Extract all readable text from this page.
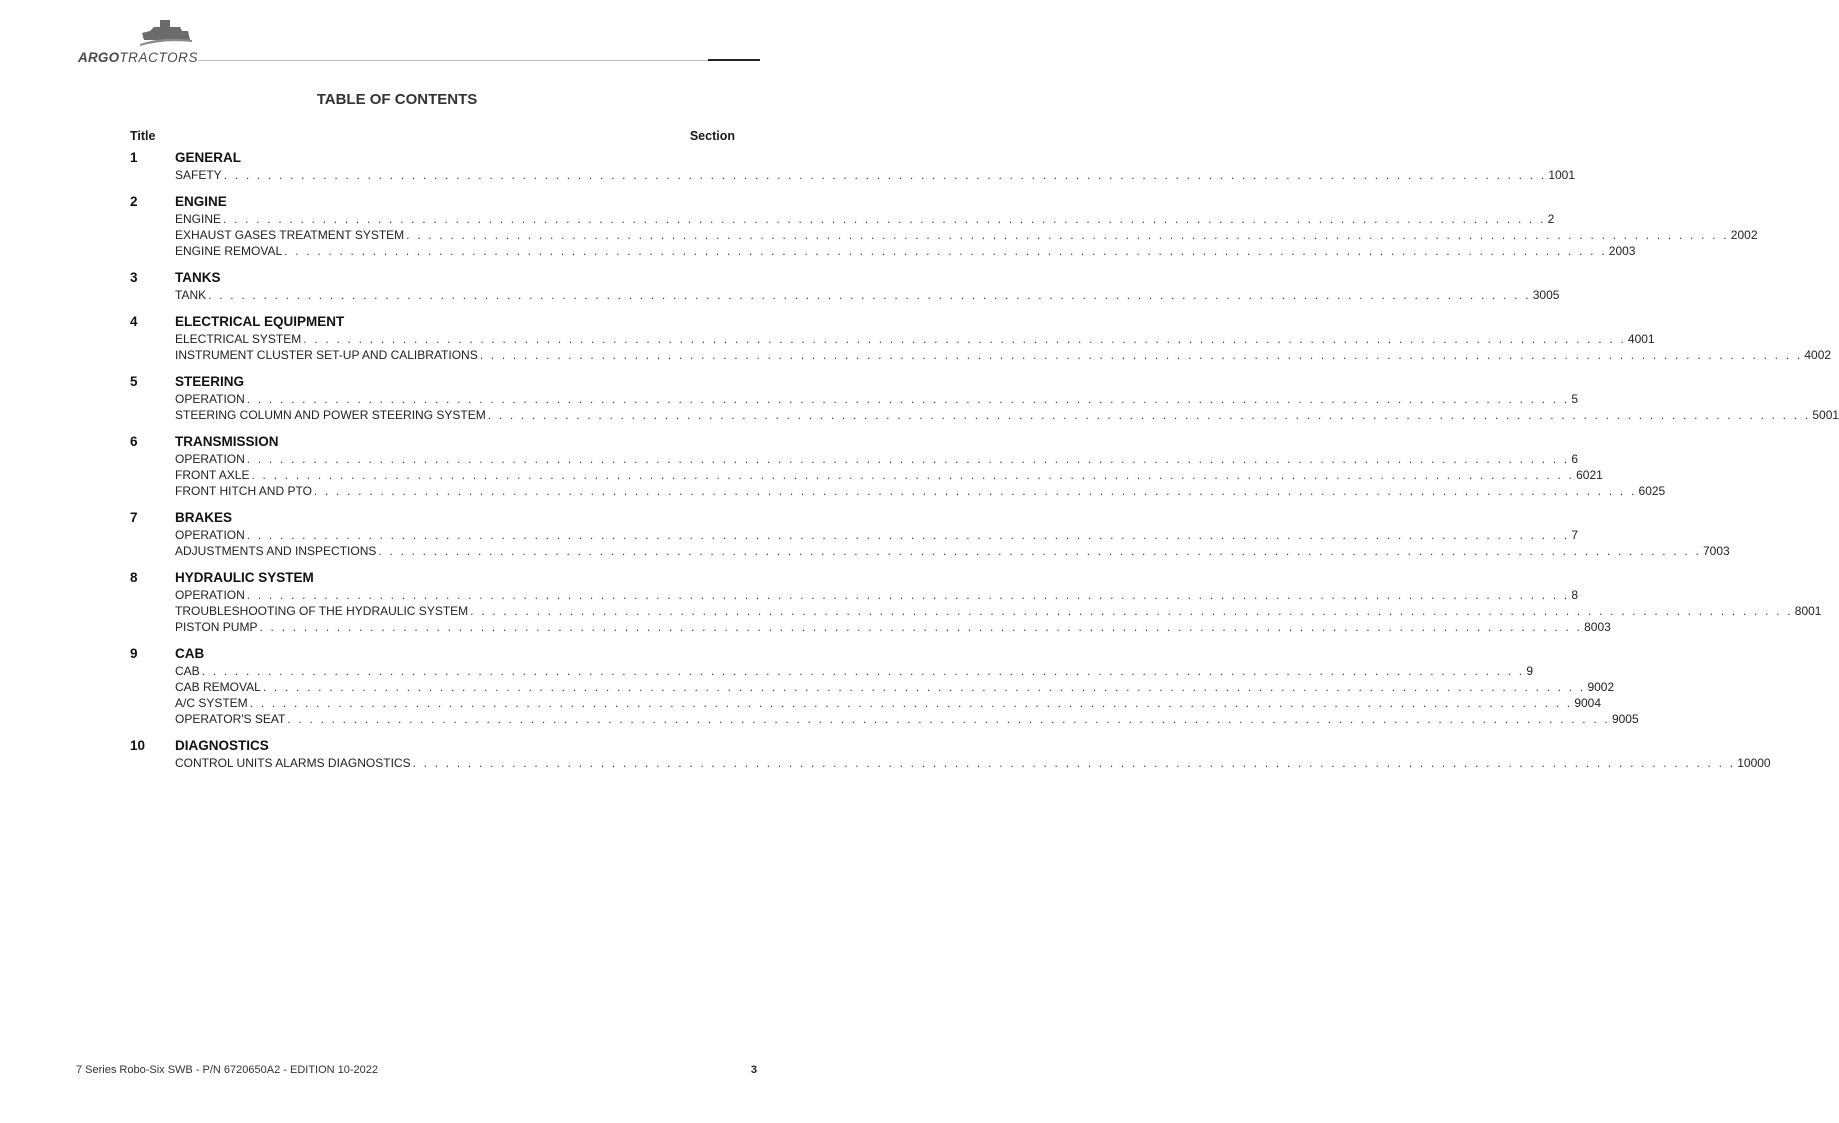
ARGOTRACTORS
TABLE OF CONTENTS
Title	Section
1	GENERAL
SAFETY . . . . . . . . . . . . . . . . . . . . . . . . . . . . . . . . . . . . . . . . . . . . . . . . . . . . . . . . . . . . . . . . . . . . . . . . . . . . . . . . . . . . . . . . . . . . . . . . . . . . . . . . . . . . . . . . . . . . . . . . 1001
2	ENGINE
ENGINE . . . . . . . . . . . . . . . . . . . . . . . . . . . . . . . . . . . . . . . . . . . . . . . . . . . . . . . . . . . . . . . . . . . . . . . . . . . . . . . . . . . . . . . . . . . . . . . . . . . . . . . . . . . . . . . . . . . . . . . . 2
EXHAUST GASES TREATMENT SYSTEM . . . . . . . . . . . . . . . . . . . . . . . . . . . . . . . . . . . . . . . . . . . . . . . . . . . . . . . . . . . . . . . . . . . . . . . . . . . . . . . . . . . . . . . . . . . . . . . . . . . . . . . . . . . . . . . . . . . . . . . . 2002
ENGINE REMOVAL . . . . . . . . . . . . . . . . . . . . . . . . . . . . . . . . . . . . . . . . . . . . . . . . . . . . . . . . . . . . . . . . . . . . . . . . . . . . . . . . . . . . . . . . . . . . . . . . . . . . . . . . . . . . . . . . . . . . . . . . 2003
3	TANKS
TANK . . . . . . . . . . . . . . . . . . . . . . . . . . . . . . . . . . . . . . . . . . . . . . . . . . . . . . . . . . . . . . . . . . . . . . . . . . . . . . . . . . . . . . . . . . . . . . . . . . . . . . . . . . . . . . . . . . . . . . . . 3005
4	ELECTRICAL EQUIPMENT
ELECTRICAL SYSTEM . . . . . . . . . . . . . . . . . . . . . . . . . . . . . . . . . . . . . . . . . . . . . . . . . . . . . . . . . . . . . . . . . . . . . . . . . . . . . . . . . . . . . . . . . . . . . . . . . . . . . . . . . . . . . . . . . . . . . . . . 4001
INSTRUMENT CLUSTER SET-UP AND CALIBRATIONS . . . . . . . . . . . . . . . . . . . . . . . . . . . . . . . . . . . . . . . . . . . . . . . . . . . . . . . . . . . . . . . . . . . . . . . . . . . . . . . . . . . . . . . . . . . . . . . . . . . . . . . . . . . . . . . . . . . . . . . . 4002
5	STEERING
OPERATION . . . . . . . . . . . . . . . . . . . . . . . . . . . . . . . . . . . . . . . . . . . . . . . . . . . . . . . . . . . . . . . . . . . . . . . . . . . . . . . . . . . . . . . . . . . . . . . . . . . . . . . . . . . . . . . . . . . . . . . . 5
STEERING COLUMN AND POWER STEERING SYSTEM . . . . . . . . . . . . . . . . . . . . . . . . . . . . . . . . . . . . . . . . . . . . . . . . . . . . . . . . . . . . . . . . . . . . . . . . . . . . . . . . . . . . . . . . . . . . . . . . . . . . . . . . . . . . . . . . . . . . . . . . 5001
6	TRANSMISSION
OPERATION . . . . . . . . . . . . . . . . . . . . . . . . . . . . . . . . . . . . . . . . . . . . . . . . . . . . . . . . . . . . . . . . . . . . . . . . . . . . . . . . . . . . . . . . . . . . . . . . . . . . . . . . . . . . . . . . . . . . . . . . 6
FRONT AXLE . . . . . . . . . . . . . . . . . . . . . . . . . . . . . . . . . . . . . . . . . . . . . . . . . . . . . . . . . . . . . . . . . . . . . . . . . . . . . . . . . . . . . . . . . . . . . . . . . . . . . . . . . . . . . . . . . . . . . . . . 6021
FRONT HITCH AND PTO . . . . . . . . . . . . . . . . . . . . . . . . . . . . . . . . . . . . . . . . . . . . . . . . . . . . . . . . . . . . . . . . . . . . . . . . . . . . . . . . . . . . . . . . . . . . . . . . . . . . . . . . . . . . . . . . . . . . . . . . 6025
7	BRAKES
OPERATION . . . . . . . . . . . . . . . . . . . . . . . . . . . . . . . . . . . . . . . . . . . . . . . . . . . . . . . . . . . . . . . . . . . . . . . . . . . . . . . . . . . . . . . . . . . . . . . . . . . . . . . . . . . . . . . . . . . . . . . . 7
ADJUSTMENTS AND INSPECTIONS . . . . . . . . . . . . . . . . . . . . . . . . . . . . . . . . . . . . . . . . . . . . . . . . . . . . . . . . . . . . . . . . . . . . . . . . . . . . . . . . . . . . . . . . . . . . . . . . . . . . . . . . . . . . . . . . . . . . . . . . 7003
8	HYDRAULIC SYSTEM
OPERATION . . . . . . . . . . . . . . . . . . . . . . . . . . . . . . . . . . . . . . . . . . . . . . . . . . . . . . . . . . . . . . . . . . . . . . . . . . . . . . . . . . . . . . . . . . . . . . . . . . . . . . . . . . . . . . . . . . . . . . . . 8
TROUBLESHOOTING OF THE HYDRAULIC SYSTEM . . . . . . . . . . . . . . . . . . . . . . . . . . . . . . . . . . . . . . . . . . . . . . . . . . . . . . . . . . . . . . . . . . . . . . . . . . . . . . . . . . . . . . . . . . . . . . . . . . . . . . . . . . . . . . . . . . . . . . . . 8001
PISTON PUMP . . . . . . . . . . . . . . . . . . . . . . . . . . . . . . . . . . . . . . . . . . . . . . . . . . . . . . . . . . . . . . . . . . . . . . . . . . . . . . . . . . . . . . . . . . . . . . . . . . . . . . . . . . . . . . . . . . . . . . . . 8003
9	CAB
CAB . . . . . . . . . . . . . . . . . . . . . . . . . . . . . . . . . . . . . . . . . . . . . . . . . . . . . . . . . . . . . . . . . . . . . . . . . . . . . . . . . . . . . . . . . . . . . . . . . . . . . . . . . . . . . . . . . . . . . . . . 9
CAB REMOVAL . . . . . . . . . . . . . . . . . . . . . . . . . . . . . . . . . . . . . . . . . . . . . . . . . . . . . . . . . . . . . . . . . . . . . . . . . . . . . . . . . . . . . . . . . . . . . . . . . . . . . . . . . . . . . . . . . . . . . . . . 9002
A/C SYSTEM . . . . . . . . . . . . . . . . . . . . . . . . . . . . . . . . . . . . . . . . . . . . . . . . . . . . . . . . . . . . . . . . . . . . . . . . . . . . . . . . . . . . . . . . . . . . . . . . . . . . . . . . . . . . . . . . . . . . . . . . 9004
OPERATOR'S SEAT . . . . . . . . . . . . . . . . . . . . . . . . . . . . . . . . . . . . . . . . . . . . . . . . . . . . . . . . . . . . . . . . . . . . . . . . . . . . . . . . . . . . . . . . . . . . . . . . . . . . . . . . . . . . . . . . . . . . . . . . 9005
10 DIAGNOSTICS
CONTROL UNITS ALARMS DIAGNOSTICS . . . . . . . . . . . . . . . . . . . . . . . . . . . . . . . . . . . . . . . . . . . . . . . . . . . . . . . . . . . . . . . . . . . . . . . . . . . . . . . . . . . . . . . . . . . . . . . . . . . . . . . . . . . . . . . . . . . . . . . . 10000
7 Series Robo-Six SWB - P/N 6720650A2 - EDITION 10-2022	3
